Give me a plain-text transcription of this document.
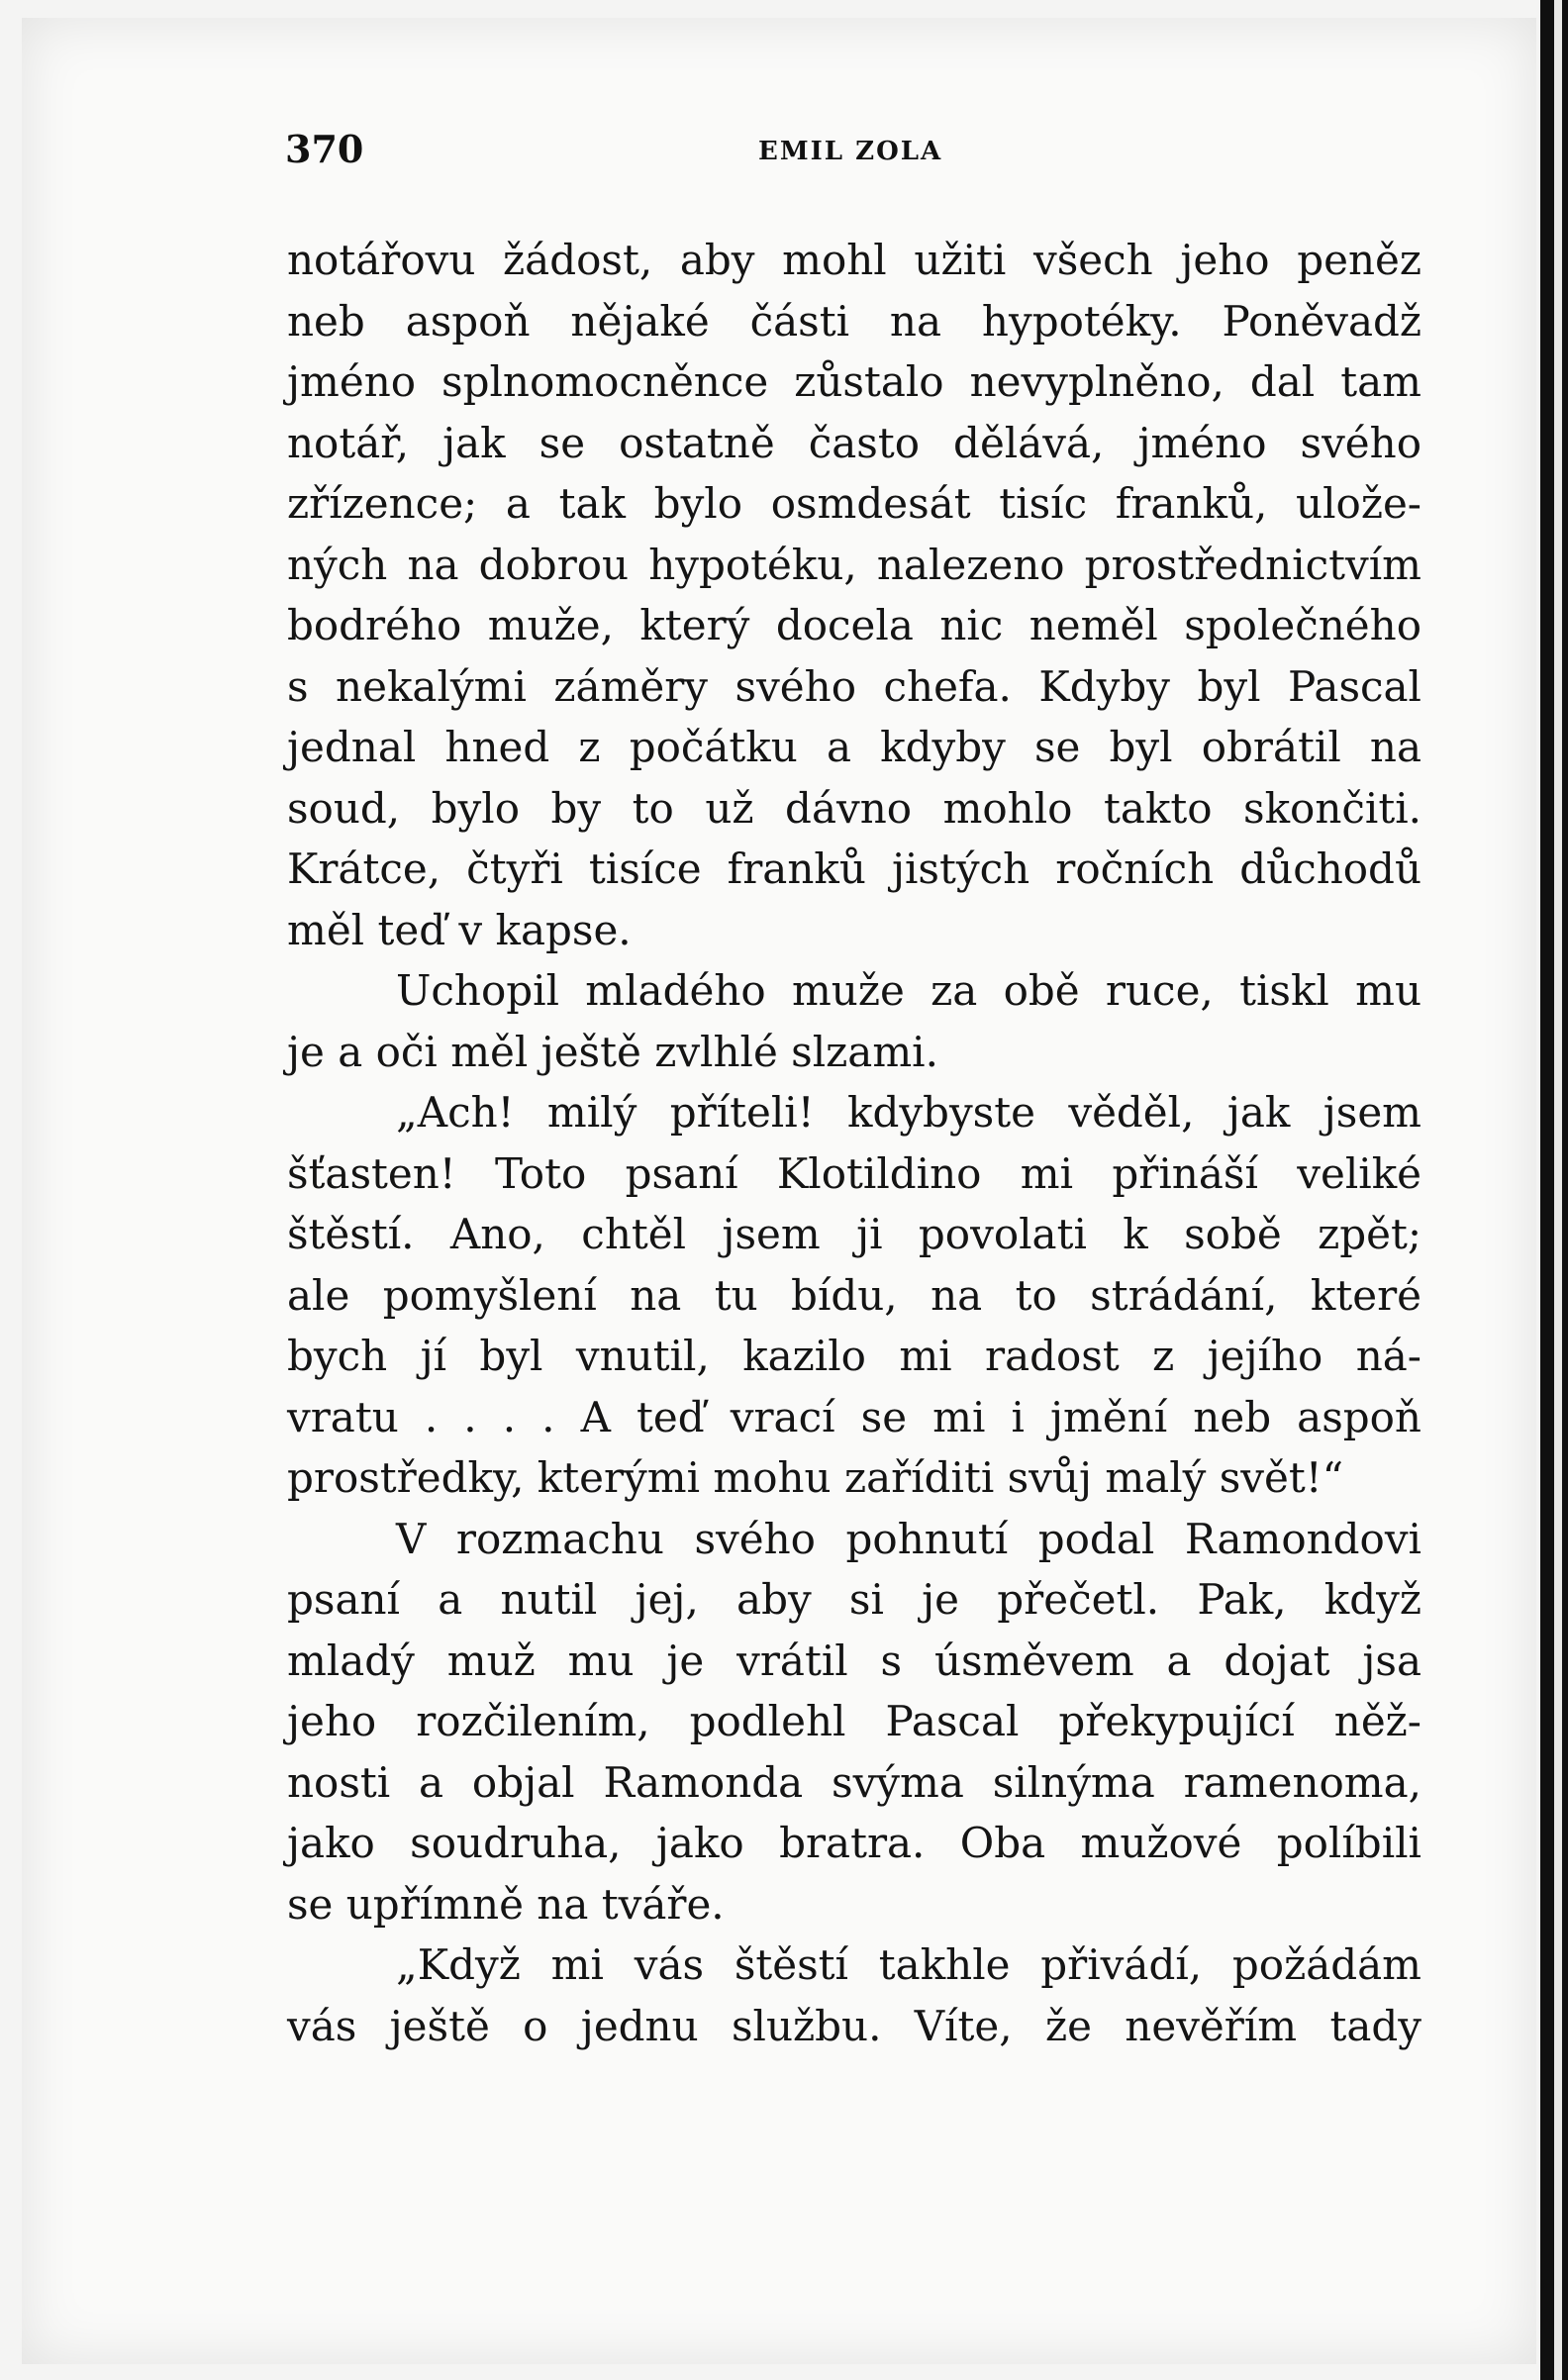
370	EMIL ZOLA
notářovu žádost, aby mohl užiti všech jeho peněz
neb aspoň nějaké části na hypotéky. Poněvadž
jméno splnomocněnce zůstalo nevyplněno, dal tam
notář, jak se ostatně často dělává, jméno svého
zřízence; a tak bylo osmdesát tisíc franků, ulože-
ných na dobrou hypotéku, nalezeno prostřednictvím
bodrého muže, který docela nic neměl společného
s nekalými záměry svého chefa. Kdyby byl Pascal
jednal hned z počátku a kdyby se byl obrátil na
soud, bylo by to už dávno mohlo takto skončiti.
Krátce, čtyři tisíce franků jistých ročních důchodů
měl teď v kapse.
Uchopil mladého muže za obě ruce, tiskl mu
je a oči měl ještě zvlhlé slzami.
„Ach! milý příteli! kdybyste věděl, jak jsem
šťasten! Toto psaní Klotildino mi přináší veliké
štěstí. Ano, chtěl jsem ji povolati k sobě zpět;
ale pomyšlení na tu bídu, na to strádání, které
bych jí byl vnutil, kazilo mi radost z jejího ná-
vratu . . . . A teď vrací se mi i jmění neb aspoň
prostředky, kterými mohu zaříditi svůj malý svět!“
V rozmachu svého pohnutí podal Ramondovi
psaní a nutil jej, aby si je přečetl. Pak, když
mladý muž mu je vrátil s úsměvem a dojat jsa
jeho rozčilením, podlehl Pascal překypující něž-
nosti a objal Ramonda svýma silnýma ramenoma,
jako soudruha, jako bratra. Oba mužové políbili
se upřímně na tváře.
„Když mi vás štěstí takhle přivádí, požádám
vás ještě o jednu službu. Víte, že nevěřím tady
